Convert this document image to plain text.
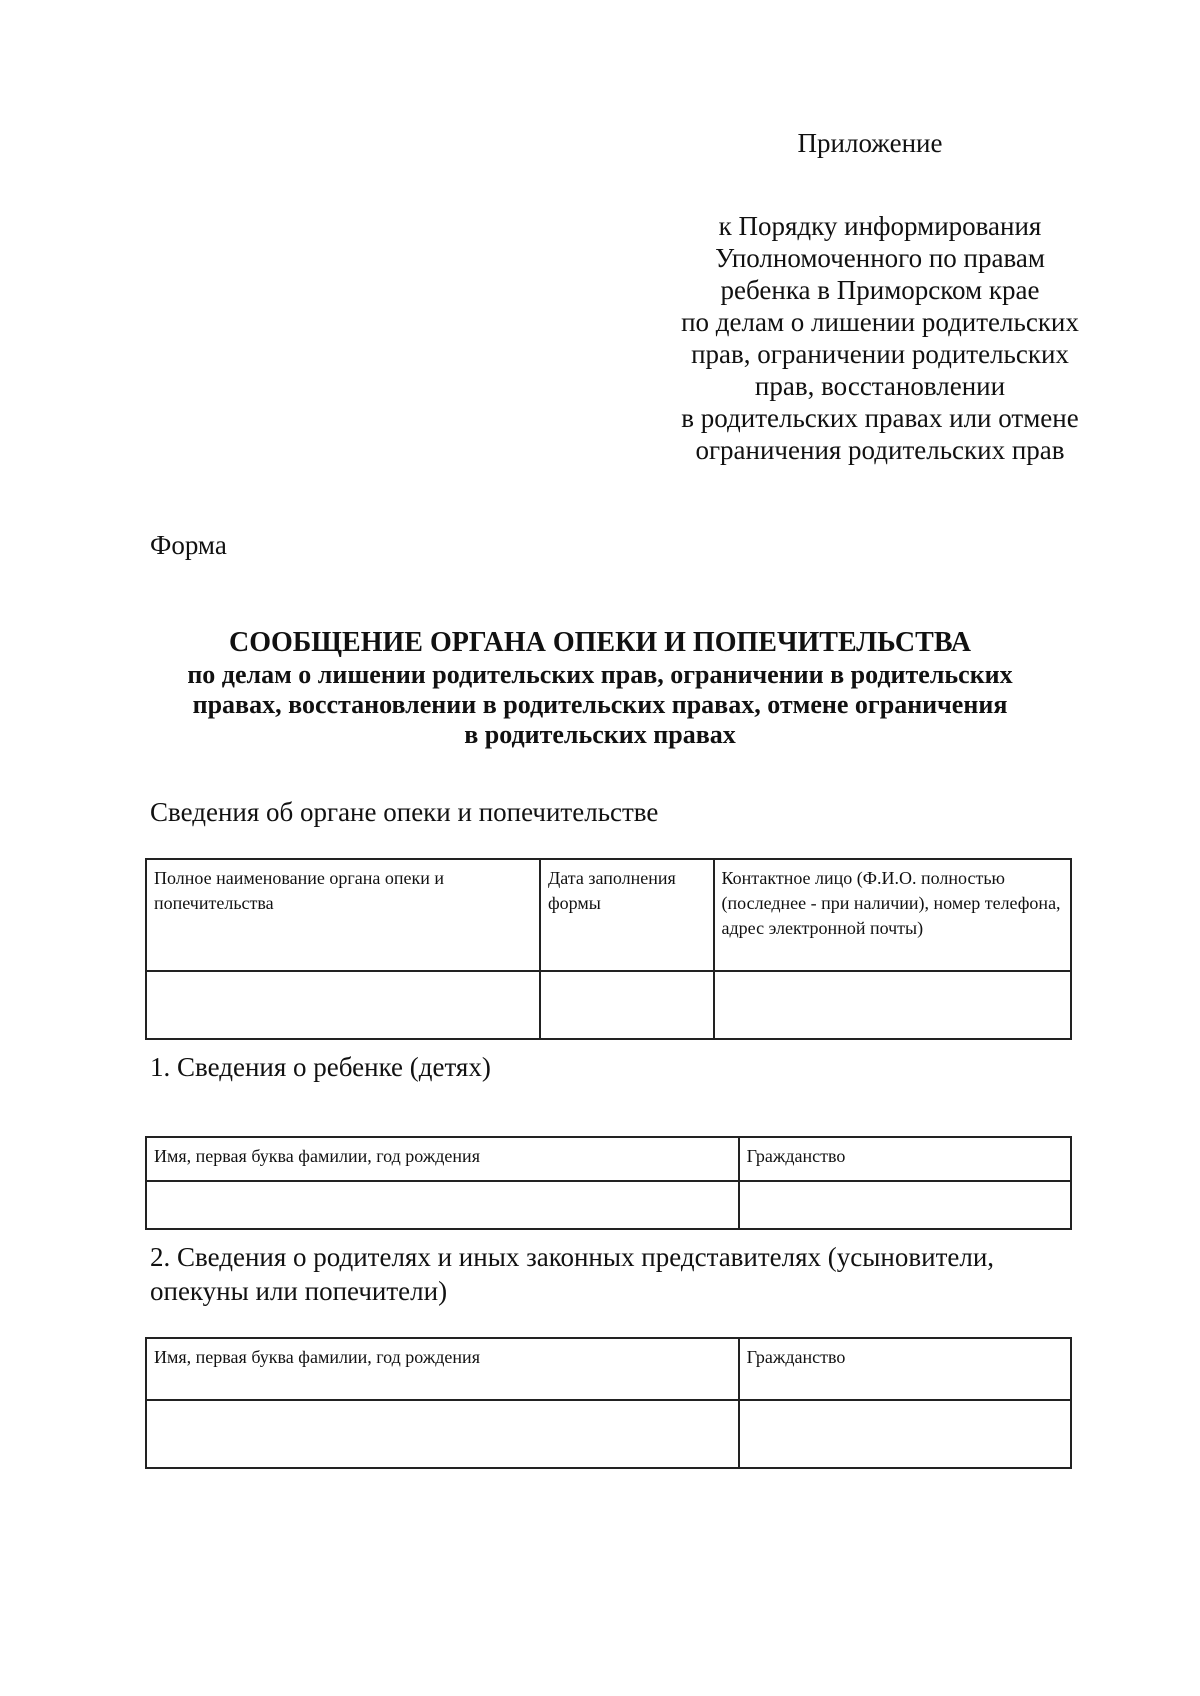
Приложение
к Порядку информирования
Уполномоченного по правам
ребенка в Приморском крае
по делам о лишении родительских
прав, ограничении родительских
прав, восстановлении
в родительских правах или отмене
ограничения родительских прав
Форма
СООБЩЕНИЕ ОРГАНА ОПЕКИ И ПОПЕЧИТЕЛЬСТВА
по делам о лишении родительских прав, ограничении в родительских
правах, восстановлении в родительских правах, отмене ограничения
в родительских правах
Сведения об органе опеки и попечительстве
Полное наименование органа опеки и попечительства	Дата заполнения формы	Контактное лицо (Ф.И.О. полностью (последнее - при наличии), номер телефона, адрес электронной почты)

1. Сведения о ребенке (детях)
Имя, первая буква фамилии, год рождения	Гражданство

2. Сведения о родителях и иных законных представителях (усыновители, опекуны или попечители)
Имя, первая буква фамилии, год рождения	Гражданство
